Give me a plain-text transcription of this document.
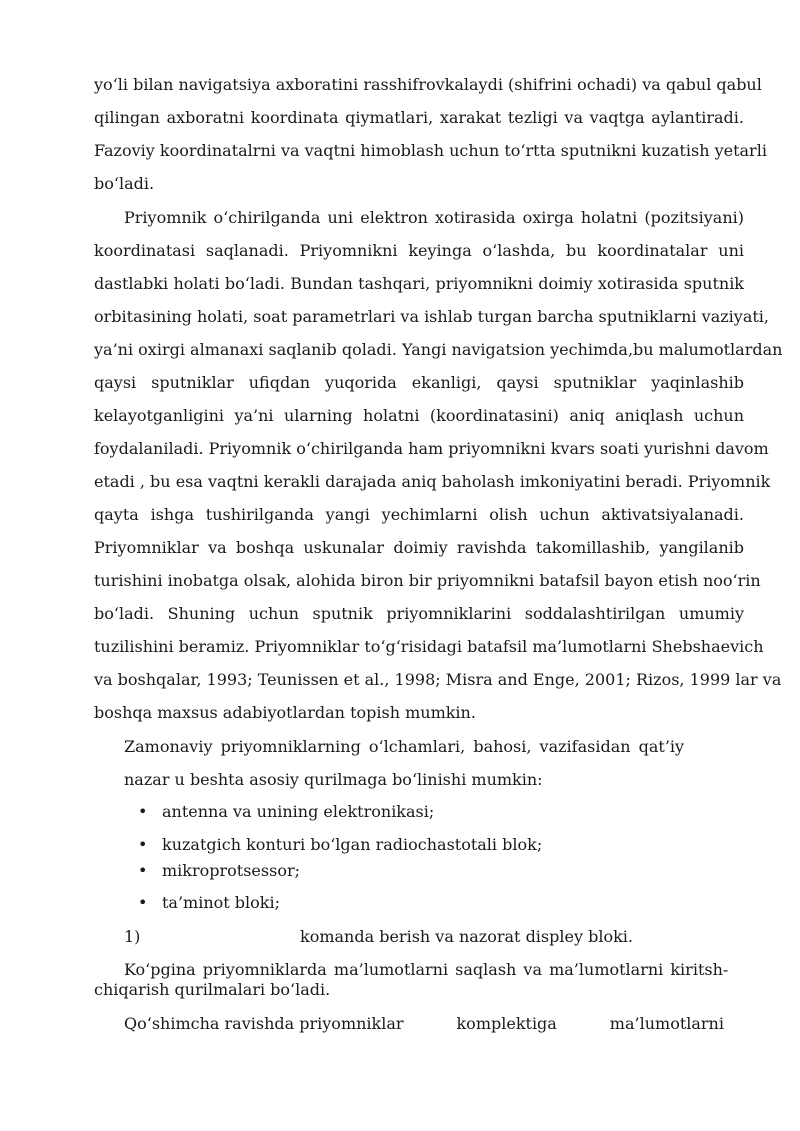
yo‘li bilan navigatsiya axboratini rasshifrovkalaydi (shifrini ochadi) va qabul qabul
qilingan axboratni koordinata qiymatlari, xarakat tezligi va vaqtga aylantiradi.
Fazoviy koordinatalrni va vaqtni himoblash uchun to‘rtta sputnikni kuzatish yetarli
bo‘ladi.
Priyomnik o‘chirilganda uni elektron xotirasida oxirga holatni (pozitsiyani)
koordinatasi saqlanadi. Priyomnikni keyinga o‘lashda, bu koordinatalar uni
dastlabki holati bo‘ladi. Bundan tashqari, priyomnikni doimiy xotirasida sputnik
orbitasining holati, soat parametrlari va ishlab turgan barcha sputniklarni vaziyati,
ya’ni oxirgi almanaxi saqlanib qoladi. Yangi navigatsion yechimda,bu malumotlardan
qaysi sputniklar ufiqdan yuqorida ekanligi, qaysi sputniklar yaqinlashib
kelayotganligini ya’ni ularning holatni (koordinatasini) aniq aniqlash uchun
foydalaniladi. Priyomnik o‘chirilganda ham priyomnikni kvars soati yurishni davom
etadi , bu esa vaqtni kerakli darajada aniq baholash imkoniyatini beradi. Priyomnik
qayta ishga tushirilganda yangi yechimlarni olish uchun aktivatsiyalanadi.
Priyomniklar va boshqa uskunalar doimiy ravishda takomillashib, yangilanib
turishini inobatga olsak, alohida biron bir priyomnikni batafsil bayon etish noo‘rin
bo‘ladi. Shuning uchun sputnik priyomniklarini soddalashtirilgan umumiy
tuzilishini beramiz. Priyomniklar to‘g‘risidagi batafsil ma’lumotlarni Shebshaevich
va boshqalar, 1993; Teunissen et al., 1998; Misra and Enge, 2001; Rizos, 1999 lar va
boshqa maxsus adabiyotlardan topish mumkin.
Zamonaviy priyomniklarning o‘lchamlari, bahosi, vazifasidan qat’iy
nazar u beshta asosiy qurilmaga bo‘linishi mumkin:
• antenna va unining elektronikasi;
• kuzatgich konturi bo‘lgan radiochastotali blok;
• mikroprotsessor;
• ta’minot bloki;
1)	komanda berish va nazorat displey bloki.
Ko‘pgina priyomniklarda ma’lumotlarni saqlash va ma’lumotlarni kiritsh-
chiqarish qurilmalari bo‘ladi.
Qo‘shimcha ravishda priyomniklar	komplektiga	ma’lumotlarni
